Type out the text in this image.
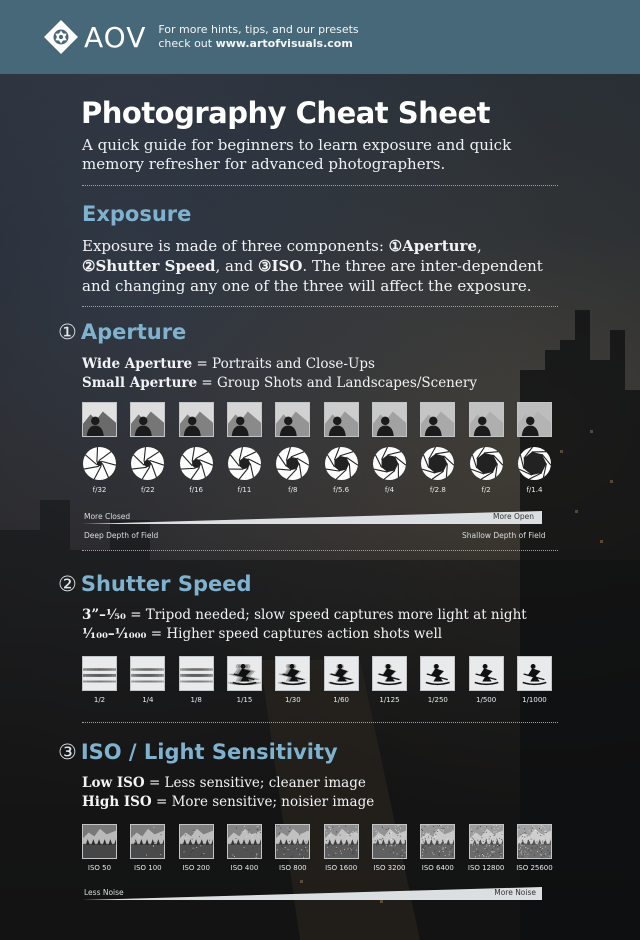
AOV For more hints, tips, and our presets
check out www.artofvisuals.com
Photography Cheat Sheet
A quick guide for beginners to learn exposure and quick memory refresher for advanced photographers.
Exposure
Exposure is made of three components: ①Aperture, ②Shutter Speed, and ③ISO. The three are inter-dependent and changing any one of the three will affect the exposure.
① Aperture
Wide Aperture = Portraits and Close-Ups
Small Aperture = Group Shots and Landscapes/Scenery
f/32	f/22	f/16	f/11	f/8	f/5.6	f/4	f/2.8	f/2	f/1.4
More Closed	More Open
Deep Depth of Field	Shallow Depth of Field
② Shutter Speed
3”–¹⁄₅₀ = Tripod needed; slow speed captures more light at night
¹⁄₁₀₀–¹⁄₁₀₀₀ = Higher speed captures action shots well
1/2	1/4	1/8	1/15	1/30	1/60	1/125	1/250	1/500	1/1000
③ ISO / Light Sensitivity
Low ISO = Less sensitive; cleaner image
High ISO = More sensitive; noisier image
ISO 50	ISO 100	ISO 200	ISO 400	ISO 800	ISO 1600 ISO 3200 ISO 6400 ISO 12800 ISO 25600
Less Noise	More Noise
